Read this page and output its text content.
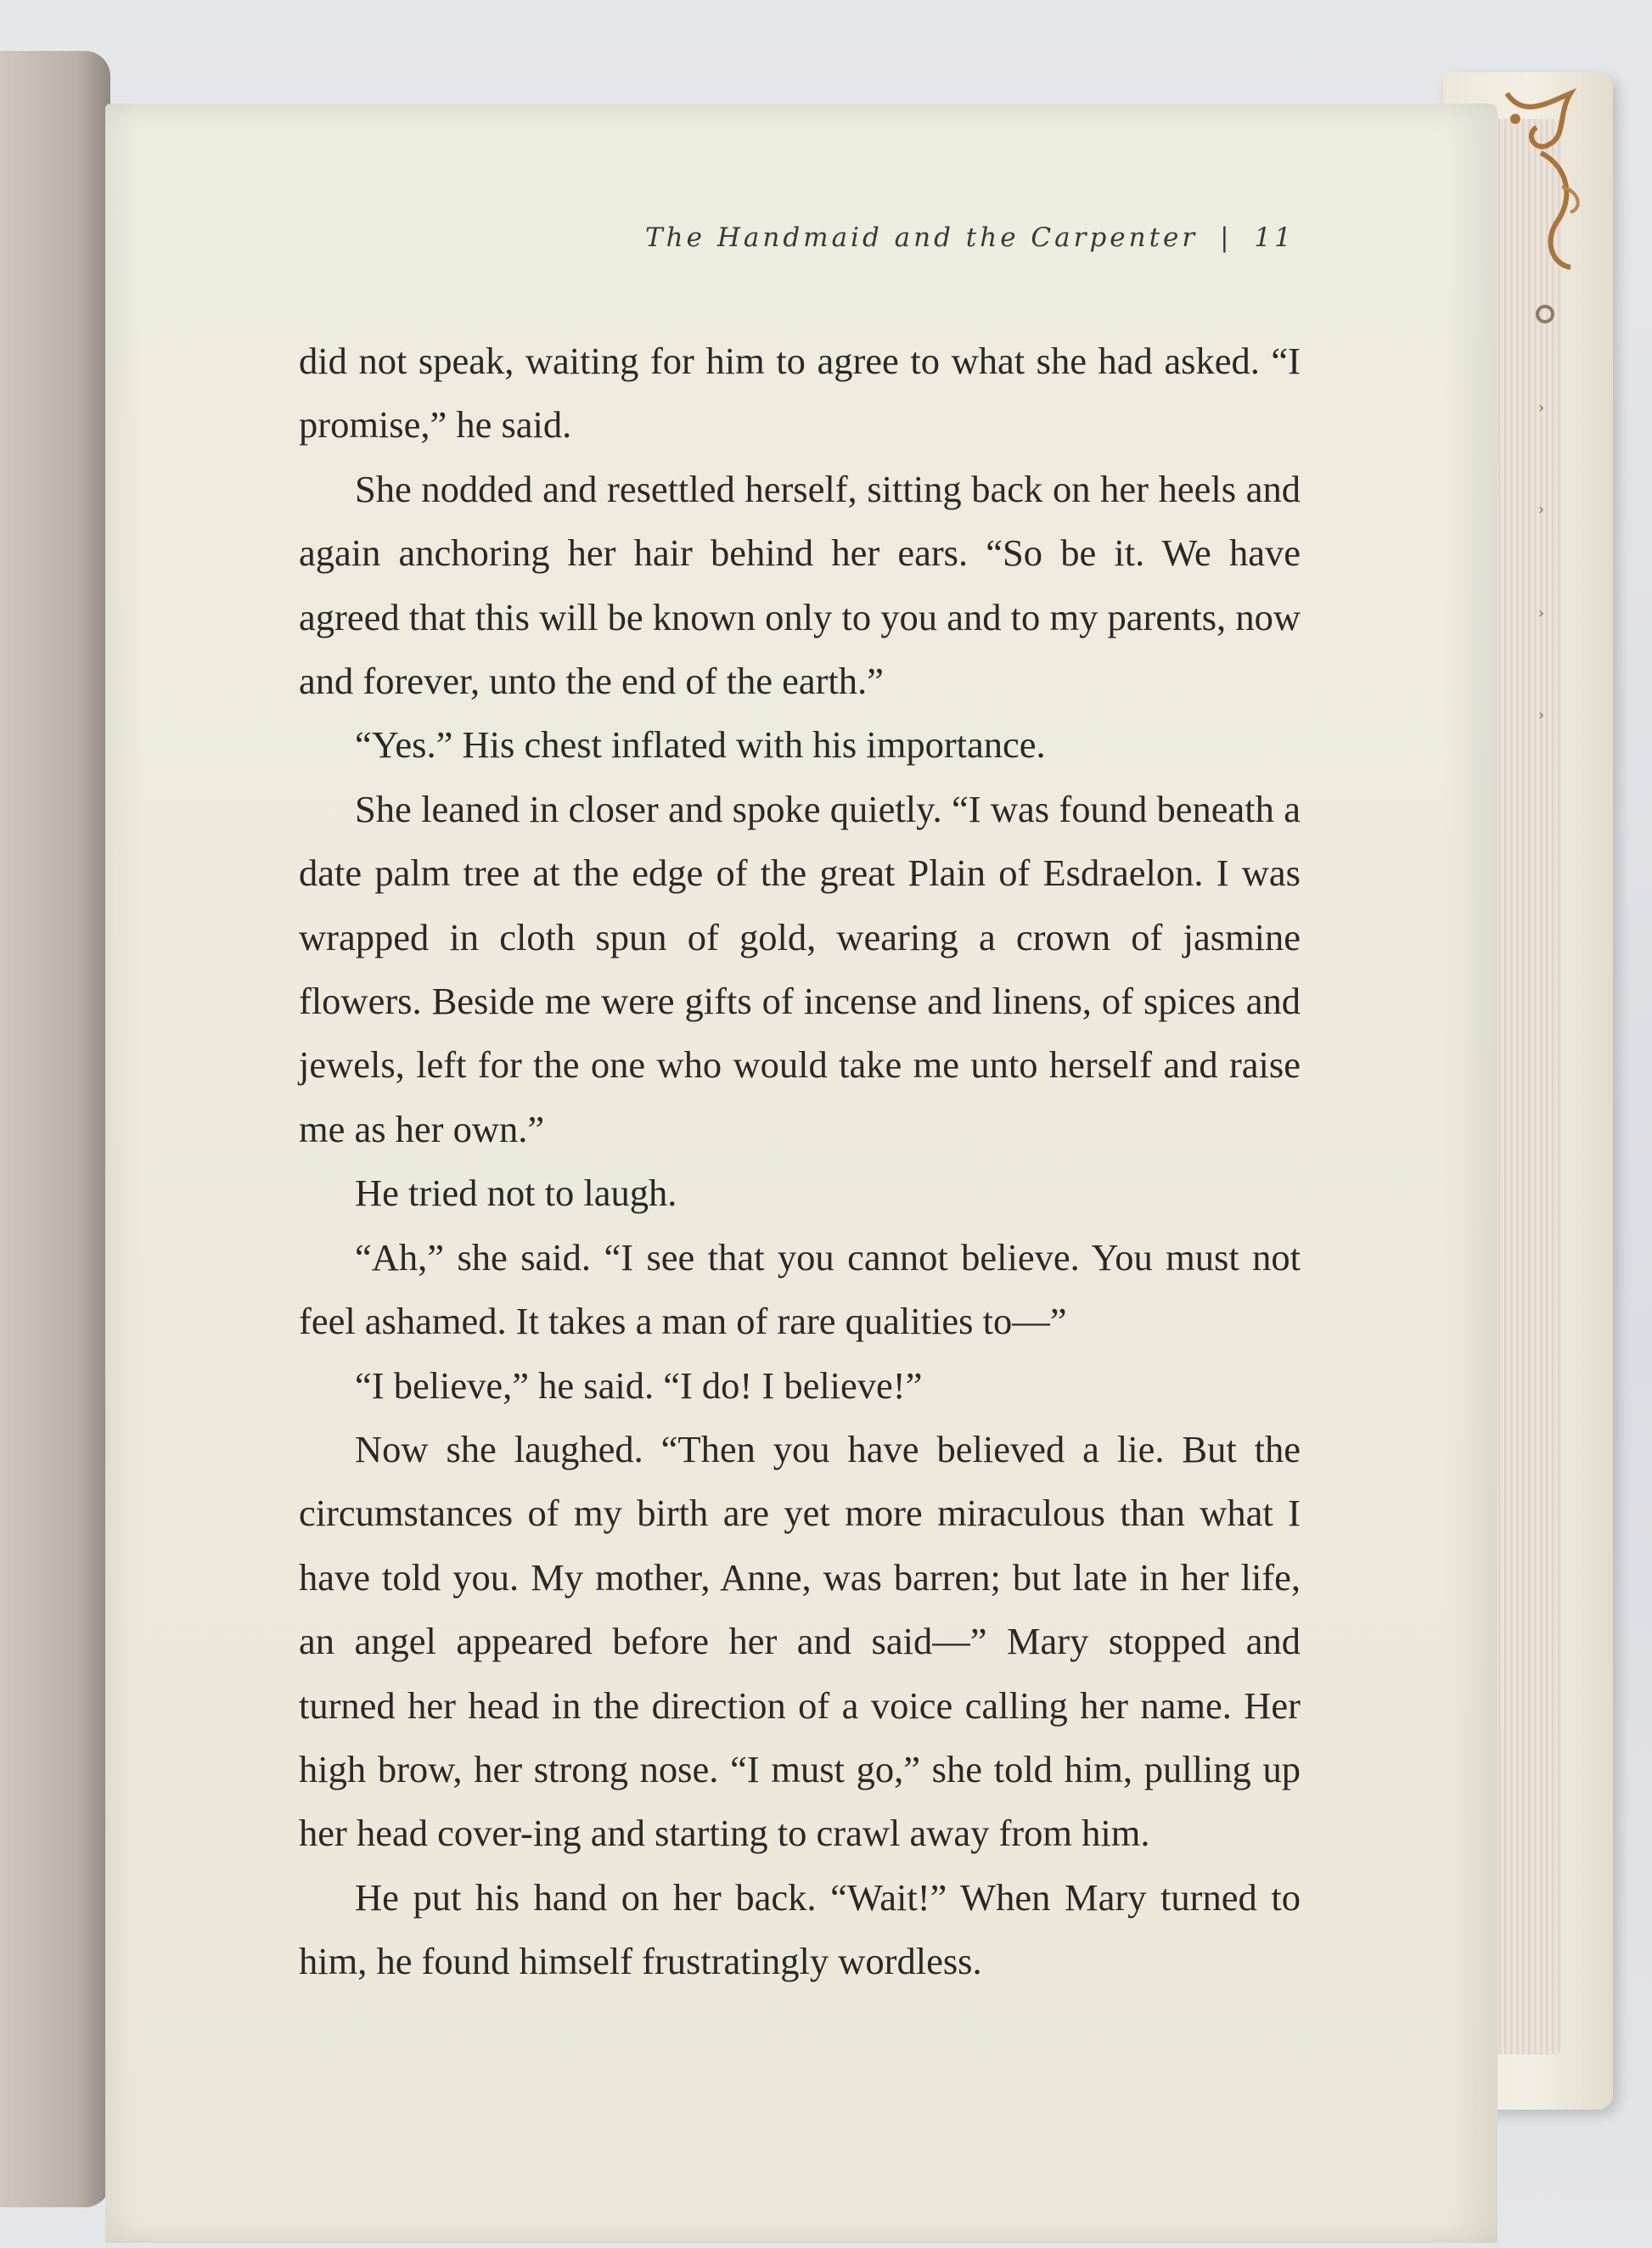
›
›
›
›
The Handmaid and the Carpenter | 11

did not speak, waiting for him to agree to what she had asked. “I promise,” he said.

She nodded and resettled herself, sitting back on her heels and again anchoring her hair behind her ears. “So be it. We have agreed that this will be known only to you and to my parents, now and forever, unto the end of the earth.”

“Yes.” His chest inflated with his importance.

She leaned in closer and spoke quietly. “I was found beneath a date palm tree at the edge of the great Plain of Esdraelon. I was wrapped in cloth spun of gold, wearing a crown of jasmine flowers. Beside me were gifts of incense and linens, of spices and jewels, left for the one who would take me unto herself and raise me as her own.”

He tried not to laugh.

“Ah,” she said. “I see that you cannot believe. You must not feel ashamed. It takes a man of rare qualities to—”

“I believe,” he said. “I do! I believe!”

Now she laughed. “Then you have believed a lie. But the circumstances of my birth are yet more miraculous than what I have told you. My mother, Anne, was barren; but late in her life, an angel appeared before her and said—” Mary stopped and turned her head in the direction of a voice calling her name. Her high brow, her strong nose. “I must go,” she told him, pulling up her head cover-ing and starting to crawl away from him.

He put his hand on her back. “Wait!” When Mary turned to him, he found himself frustratingly wordless.
